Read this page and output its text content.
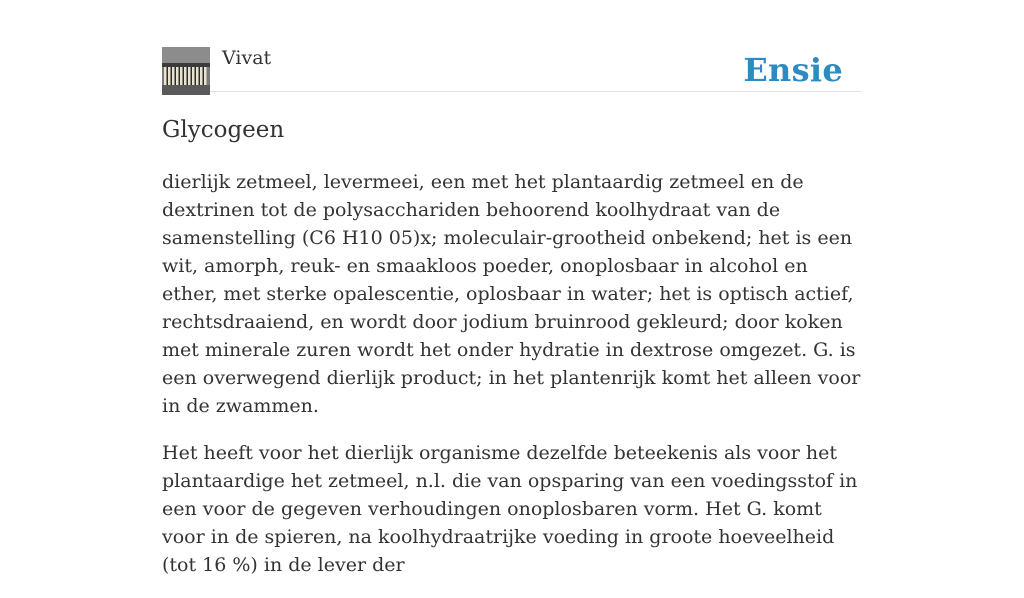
Vivat	Ensie
Glycogeen

dierlijk zetmeel, levermeei, een met het plantaardig zetmeel en de dextrinen tot de polysacchariden behoorend koolhydraat van de samenstelling (C6 H10 05)x; moleculair-grootheid onbekend; het is een wit, amorph, reuk- en smaakloos poeder, onoplosbaar in alcohol en ether, met sterke opalescentie, oplosbaar in water; het is optisch actief, rechtsdraaiend, en wordt door jodium bruinrood gekleurd; door koken met minerale zuren wordt het onder hydratie in dextrose omgezet. G. is een overwegend dierlijk product; in het plantenrijk komt het alleen voor in de zwammen.

Het heeft voor het dierlijk organisme dezelfde beteekenis als voor het plantaardige het zetmeel, n.l. die van opsparing van een voedingsstof in een voor de gegeven verhoudingen onoplosbaren vorm. Het G. komt voor in de spieren, na koolhydraatrijke voeding in groote hoeveelheid (tot 16 %) in de lever der
